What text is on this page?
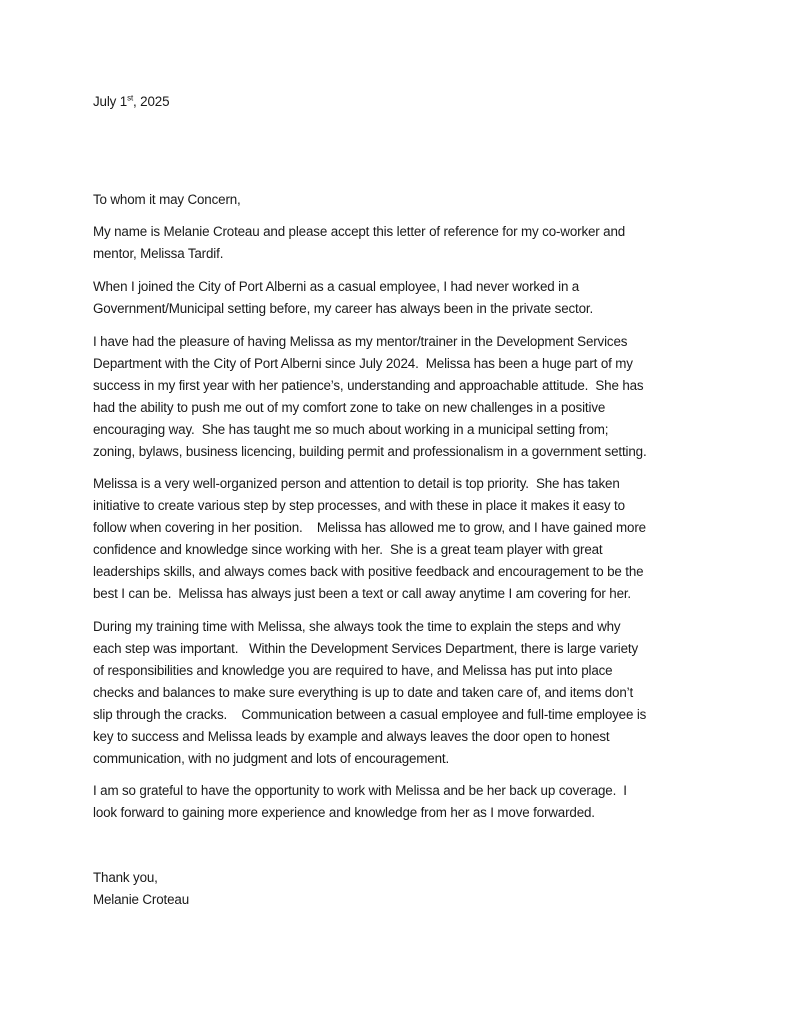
July 1st, 2025
To whom it may Concern,
My name is Melanie Croteau and please accept this letter of reference for my co-worker and
mentor, Melissa Tardif.
When I joined the City of Port Alberni as a casual employee, I had never worked in a
Government/Municipal setting before, my career has always been in the private sector.
I have had the pleasure of having Melissa as my mentor/trainer in the Development Services
Department with the City of Port Alberni since July 2024.  Melissa has been a huge part of my
success in my first year with her patience’s, understanding and approachable attitude.  She has
had the ability to push me out of my comfort zone to take on new challenges in a positive
encouraging way.  She has taught me so much about working in a municipal setting from;
zoning, bylaws, business licencing, building permit and professionalism in a government setting.
Melissa is a very well-organized person and attention to detail is top priority.  She has taken
initiative to create various step by step processes, and with these in place it makes it easy to
follow when covering in her position.    Melissa has allowed me to grow, and I have gained more
confidence and knowledge since working with her.  She is a great team player with great
leaderships skills, and always comes back with positive feedback and encouragement to be the
best I can be.  Melissa has always just been a text or call away anytime I am covering for her.
During my training time with Melissa, she always took the time to explain the steps and why
each step was important.   Within the Development Services Department, there is large variety
of responsibilities and knowledge you are required to have, and Melissa has put into place
checks and balances to make sure everything is up to date and taken care of, and items don’t
slip through the cracks.    Communication between a casual employee and full-time employee is
key to success and Melissa leads by example and always leaves the door open to honest
communication, with no judgment and lots of encouragement.
I am so grateful to have the opportunity to work with Melissa and be her back up coverage.  I
look forward to gaining more experience and knowledge from her as I move forwarded.
Thank you,
Melanie Croteau
